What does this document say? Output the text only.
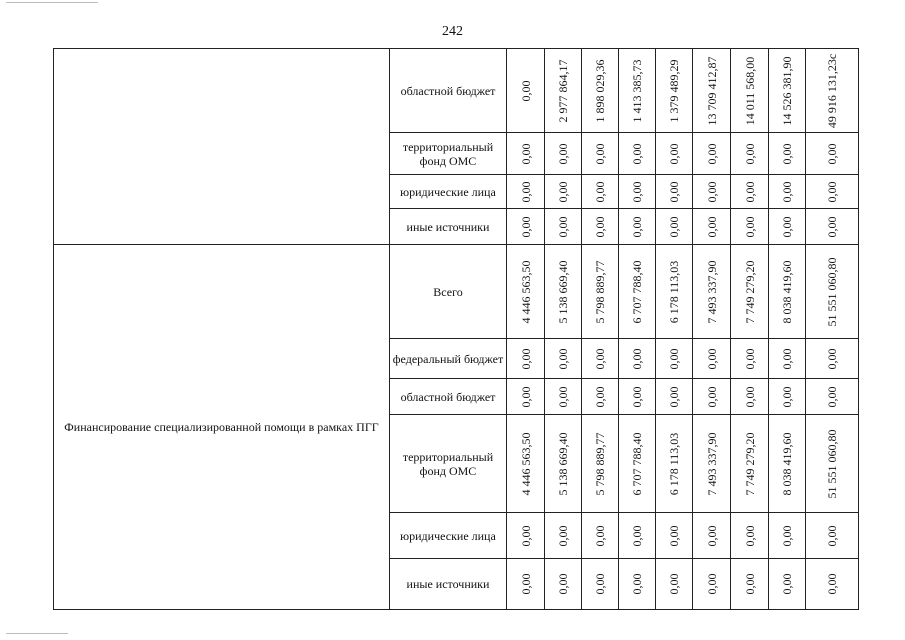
242
	областной бюджет	0,00	2 977 864,17	1 898 029,36	1 413 385,73	1 379 489,29	13 709 412,87	14 011 568,00	14 526 381,90	49 916 131,23с

	территориальный фонд ОМС	0,00	0,00	0,00	0,00	0,00	0,00	0,00	0,00	0,00

	юридические лица	0,00	0,00	0,00	0,00	0,00	0,00	0,00	0,00	0,00

	иные источники	0,00	0,00	0,00	0,00	0,00	0,00	0,00	0,00	0,00

Финансирование специализированной помощи в рамках ПГГ	Всего	4 446 563,50	5 138 669,40	5 798 889,77	6 707 788,40	6 178 113,03	7 493 337,90	7 749 279,20	8 038 419,60	51 551 060,80

	федеральный бюджет	0,00	0,00	0,00	0,00	0,00	0,00	0,00	0,00	0,00

	областной бюджет	0,00	0,00	0,00	0,00	0,00	0,00	0,00	0,00	0,00

	территориальный фонд ОМС	4 446 563,50	5 138 669,40	5 798 889,77	6 707 788,40	6 178 113,03	7 493 337,90	7 749 279,20	8 038 419,60	51 551 060,80

	юридические лица	0,00	0,00	0,00	0,00	0,00	0,00	0,00	0,00	0,00

	иные источники	0,00	0,00	0,00	0,00	0,00	0,00	0,00	0,00	0,00
